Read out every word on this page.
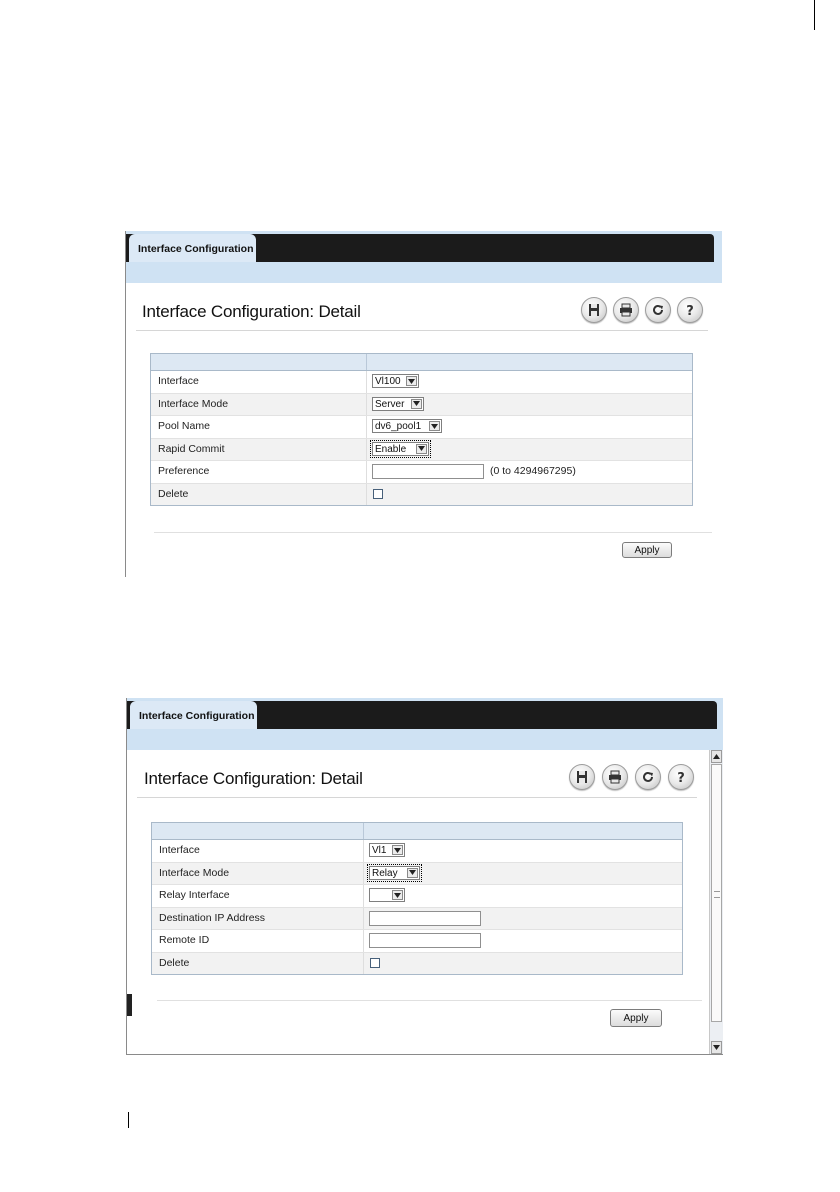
Interface Configuration
Interface Configuration: Detail	?
Interface	Vl100
Interface Mode	Server
Pool Name	dv6_pool1
Rapid Commit	Enable
Preference	(0 to 4294967295)
Delete
Apply
Interface Configuration
Interface Configuration: Detail	?
Interface	Vl1
Interface Mode	Relay
Relay Interface
Destination IP Address
Remote ID
Delete
Apply
